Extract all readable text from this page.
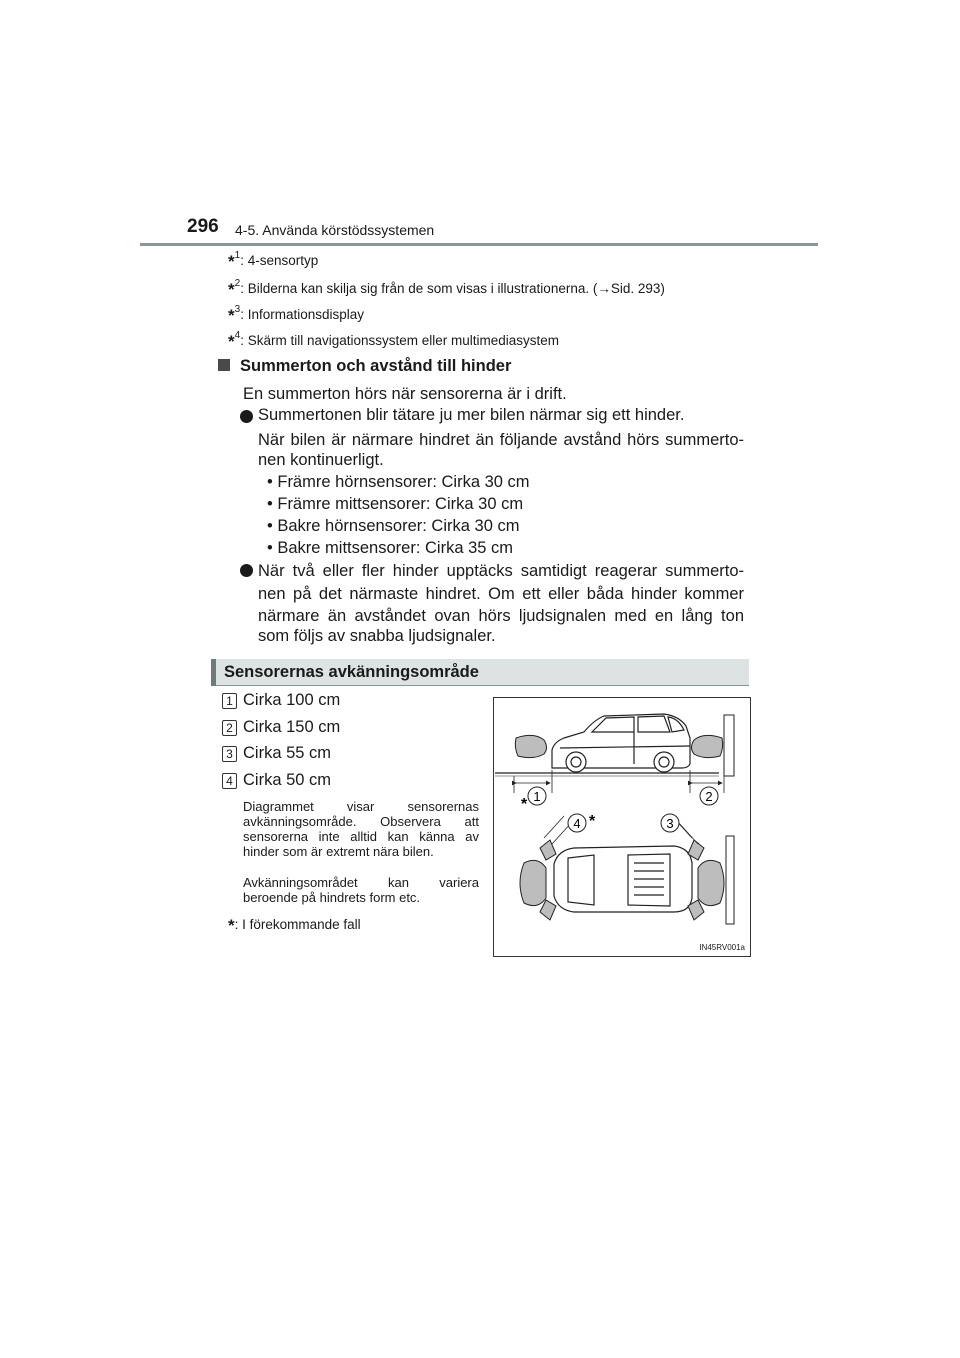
296 4-5. Använda körstödssystemen
*$^1$: 4-sensortyp
*$^2$: Bilderna kan skilja sig från de som visas i illustrationerna. (→Sid. 293)
*$^3$: Informationsdisplay
*$^4$: Skärm till navigationssystem eller multimediasystem
Summerton och avstånd till hinder
En summerton hörs när sensorerna är i drift.
Summertonen blir tätare ju mer bilen närmar sig ett hinder.
När bilen är närmare hindret än följande avstånd hörs summerto-
nen kontinuerligt.
• Främre hörnsensorer: Cirka 30 cm
• Främre mittsensorer: Cirka 30 cm
• Bakre hörnsensorer: Cirka 30 cm
• Bakre mittsensorer: Cirka 35 cm
När två eller fler hinder upptäcks samtidigt reagerar summerto-
nen på det närmaste hindret. Om ett eller båda hinder kommer
närmare än avståndet ovan hörs ljudsignalen med en lång ton
som följs av snabba ljudsignaler.
Sensorernas avkänningsområde
1 Cirka 100 cm
2 Cirka 150 cm
3 Cirka 55 cm
4 Cirka 50 cm
Diagrammet visar sensorernas
avkänningsområde. Observera att
sensorerna inte alltid kan känna av
hinder som är extremt nära bilen.
Avkänningsområdet kan variera
beroende på hindrets form etc.
*: I förekommande fall
* 1	2
4 *	3
IN45RV001a
